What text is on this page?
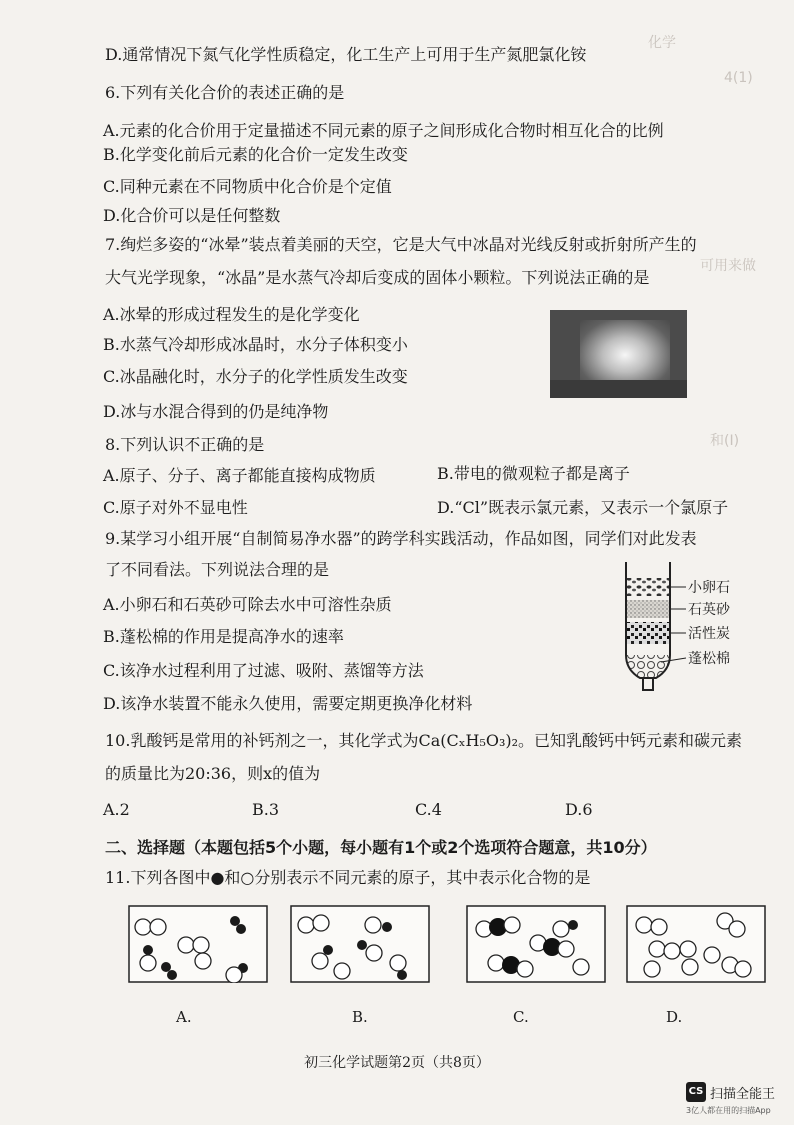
化学
4(1)
可用来做
和(Ⅰ)
D.通常情况下氮气化学性质稳定，化工生产上可用于生产氮肥氯化铵
6.下列有关化合价的表述正确的是
A.元素的化合价用于定量描述不同元素的原子之间形成化合物时相互化合的比例
B.化学变化前后元素的化合价一定发生改变
C.同种元素在不同物质中化合价是个定值
D.化合价可以是任何整数
7.绚烂多姿的“冰晕”装点着美丽的天空，它是大气中冰晶对光线反射或折射所产生的
大气光学现象，“冰晶”是水蒸气冷却后变成的固体小颗粒。下列说法正确的是
A.冰晕的形成过程发生的是化学变化
B.水蒸气冷却形成冰晶时，水分子体积变小
C.冰晶融化时，水分子的化学性质发生改变
D.冰与水混合得到的仍是纯净物
8.下列认识不正确的是
A.原子、分子、离子都能直接构成物质	B.带电的微观粒子都是离子
C.原子对外不显电性	D.“Cl”既表示氯元素，又表示一个氯原子
9.某学习小组开展“自制简易净水器”的跨学科实践活动，作品如图，同学们对此发表
了不同看法。下列说法合理的是
A.小卵石和石英砂可除去水中可溶性杂质
B.蓬松棉的作用是提高净水的速率
C.该净水过程利用了过滤、吸附、蒸馏等方法
D.该净水装置不能永久使用，需要定期更换净化材料
小卵石
石英砂
活性炭
蓬松棉
10.乳酸钙是常用的补钙剂之一，其化学式为Ca(CₓH₅O₃)₂。已知乳酸钙中钙元素和碳元素
的质量比为20:36，则x的值为
A.2	B.3	C.4	D.6
二、选择题（本题包括5个小题，每小题有1个或2个选项符合题意，共10分）
11.下列各图中●和○分别表示不同元素的原子，其中表示化合物的是
A.	B.	C.	D.
初三化学试题第2页（共8页）
CS 扫描全能王
3亿人都在用的扫描App
